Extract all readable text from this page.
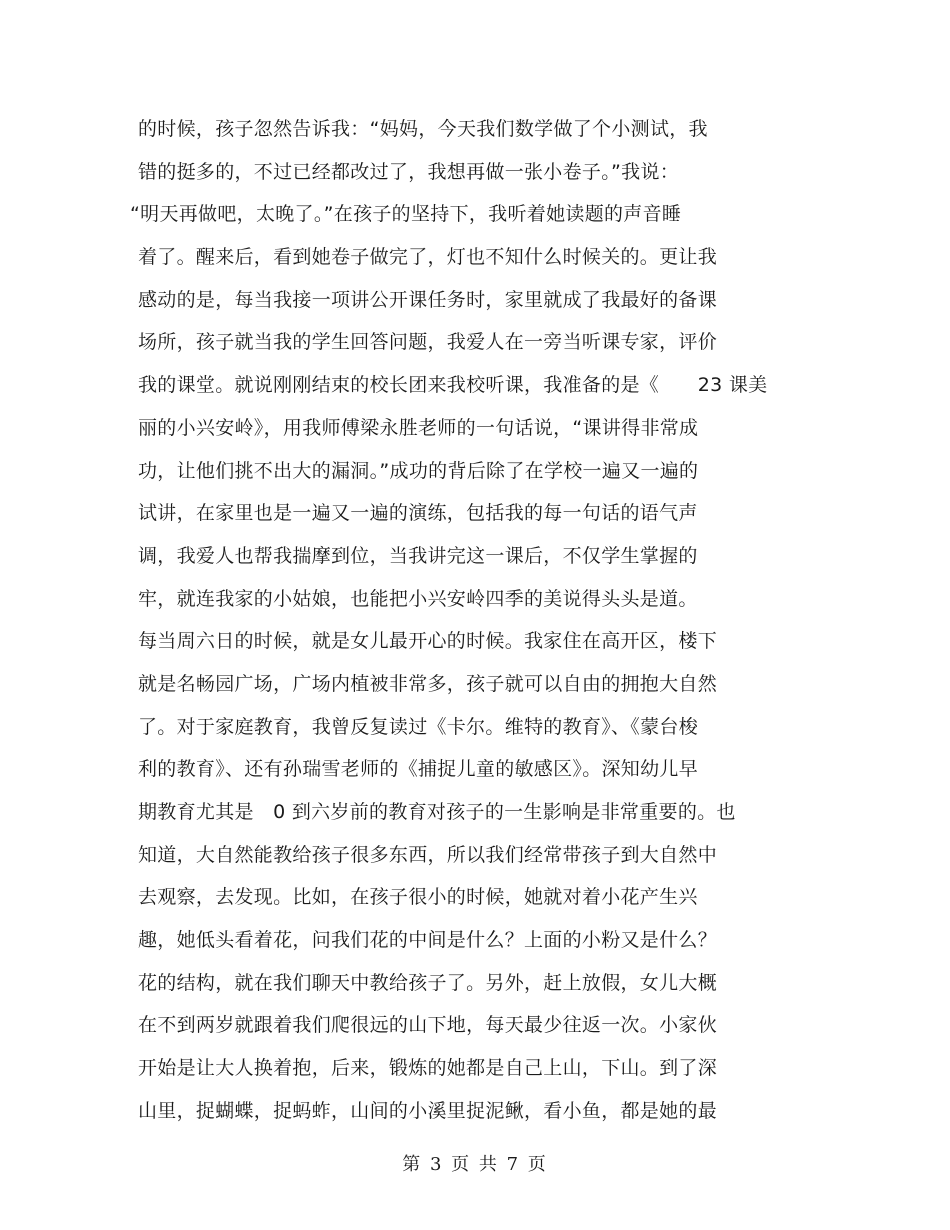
的时候，孩子忽然告诉我：“妈妈，今天我们数学做了个小测试，我
错的挺多的，不过已经都改过了，我想再做一张小卷子。”我说：
“明天再做吧，太晚了。”在孩子的坚持下，我听着她读题的声音睡
着了。醒来后，看到她卷子做完了，灯也不知什么时候关的。更让我
感动的是，每当我接一项讲公开课任务时，家里就成了我最好的备课
场所，孩子就当我的学生回答问题，我爱人在一旁当听课专家，评价
我的课堂。就说刚刚结束的校长团来我校听课，我准备的是《　　23 课美
丽的小兴安岭》，用我师傅梁永胜老师的一句话说，“课讲得非常成
功，让他们挑不出大的漏洞。”成功的背后除了在学校一遍又一遍的
试讲，在家里也是一遍又一遍的演练，包括我的每一句话的语气声
调，我爱人也帮我揣摩到位，当我讲完这一课后，不仅学生掌握的
牢，就连我家的小姑娘，也能把小兴安岭四季的美说得头头是道。
每当周六日的时候，就是女儿最开心的时候。我家住在高开区，楼下
就是名畅园广场，广场内植被非常多，孩子就可以自由的拥抱大自然
了。对于家庭教育，我曾反复读过《卡尔。维特的教育》、《蒙台梭
利的教育》、还有孙瑞雪老师的《捕捉儿童的敏感区》。深知幼儿早
期教育尤其是　0 到六岁前的教育对孩子的一生影响是非常重要的。也
知道，大自然能教给孩子很多东西，所以我们经常带孩子到大自然中
去观察，去发现。比如，在孩子很小的时候，她就对着小花产生兴
趣，她低头看着花，问我们花的中间是什么？上面的小粉又是什么？
花的结构，就在我们聊天中教给孩子了。另外，赶上放假，女儿大概
在不到两岁就跟着我们爬很远的山下地，每天最少往返一次。小家伙
开始是让大人换着抱，后来，锻炼的她都是自己上山，下山。到了深
山里，捉蝴蝶，捉蚂蚱，山间的小溪里捉泥鳅，看小鱼，都是她的最
第 3 页 共 7 页
